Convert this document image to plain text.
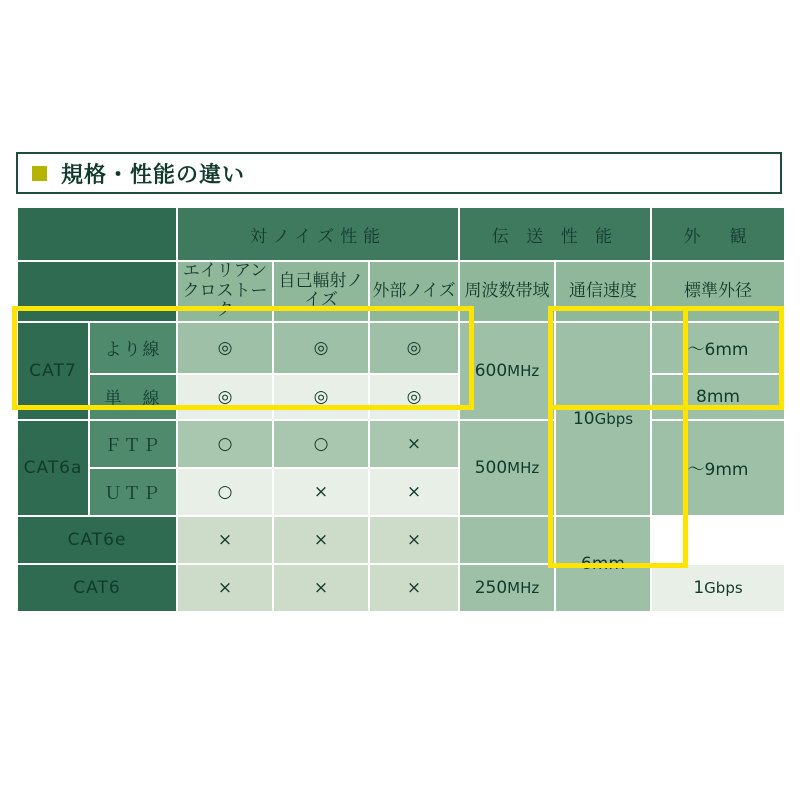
規格・性能の違い
		対ノイズ性能			伝 送 性 能		外　観
		エイリアンクロストーク	自己輻射ノイズ	外部ノイズ	周波数帯域	通信速度	標準外径
CAT7	より線	◎	◎	◎	600MHz	10Gbps	〜6mm
	単　線	◎	◎	◎			8mm
CAT6a	ＦＴＰ	○	○	×	500MHz		〜9mm
	ＵＴＰ	○	×	×			
CAT6e		×	×	×		6mm	
CAT6		×	×	×	250MHz		1Gbps
